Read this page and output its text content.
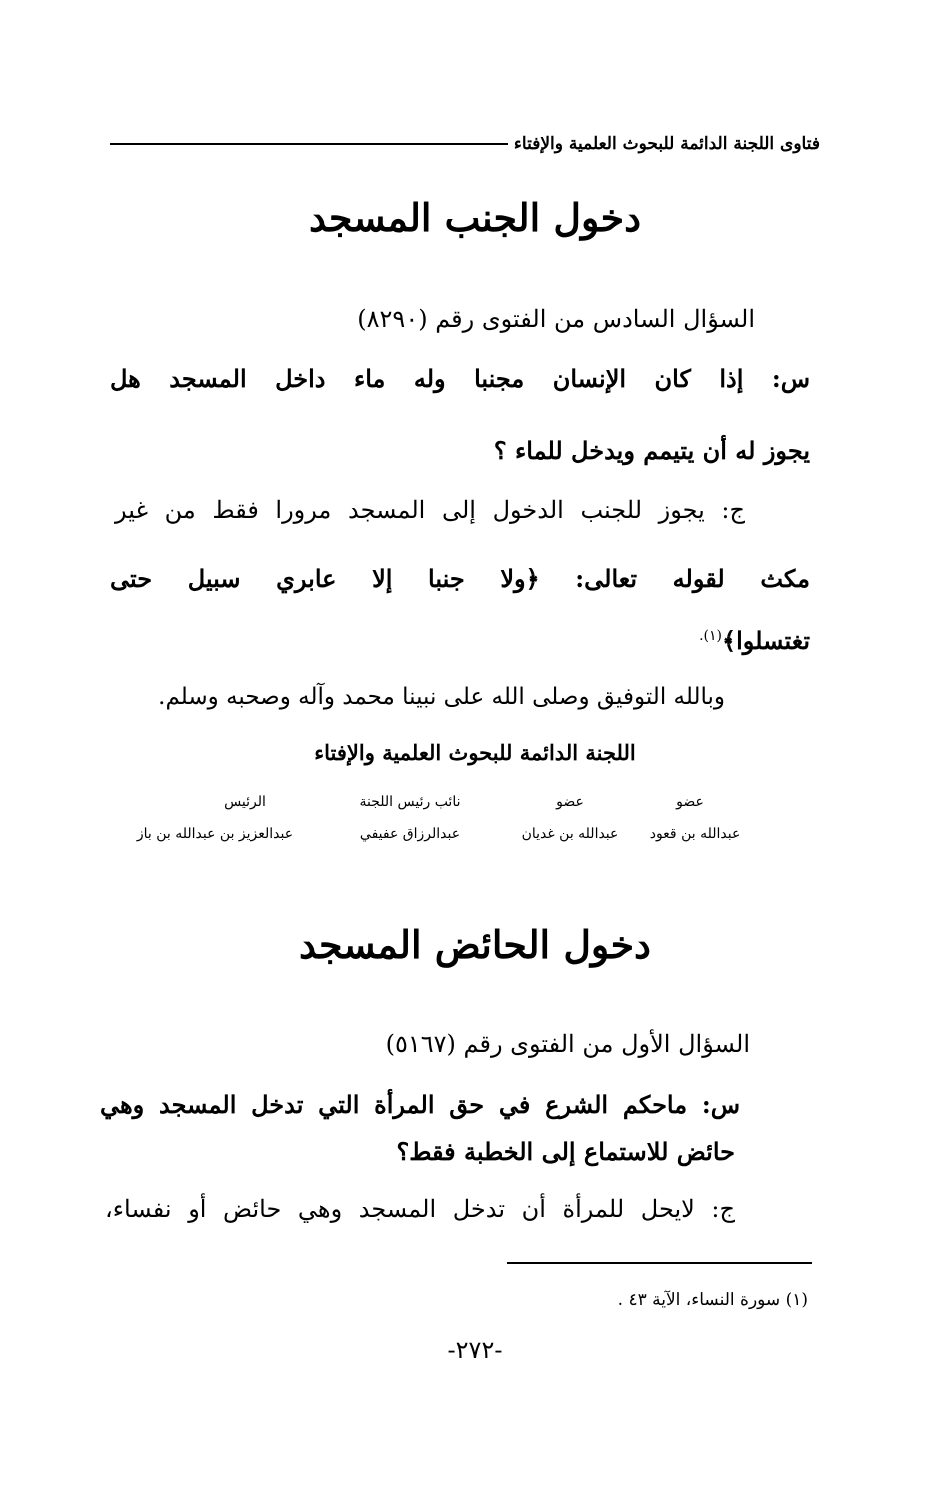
فتاوى اللجنة الدائمة للبحوث العلمية والإفتاء
دخول الجنب المسجد
السؤال السادس من الفتوى رقم (٨٢٩٠)
س: إذا كان الإنسان مجنبا وله ماء داخل المسجد هل
يجوز له أن يتيمم ويدخل للماء ؟
ج: يجوز للجنب الدخول إلى المسجد مرورا فقط من غير
مكث لقوله تعالى: ﴿ولا جنبا إلا عابري سبيل حتى
تغتسلوا﴾$^{(١).}$
وبالله التوفيق وصلى الله على نبينا محمد وآله وصحبه وسلم.
اللجنة الدائمة للبحوث العلمية والإفتاء
عضو
عبدالله بن قعود
عضو
عبدالله بن غديان
نائب رئيس اللجنة
عبدالرزاق عفيفي
الرئيس
عبدالعزيز بن عبدالله بن باز
دخول الحائض المسجد
السؤال الأول من الفتوى رقم (٥١٦٧)
س: ماحكم الشرع في حق المرأة التي تدخل المسجد وهي
حائض للاستماع إلى الخطبة فقط؟
ج: لايحل للمرأة أن تدخل المسجد وهي حائض أو نفساء،
(١) سورة النساء، الآية ٤٣ .
-٢٧٢-
